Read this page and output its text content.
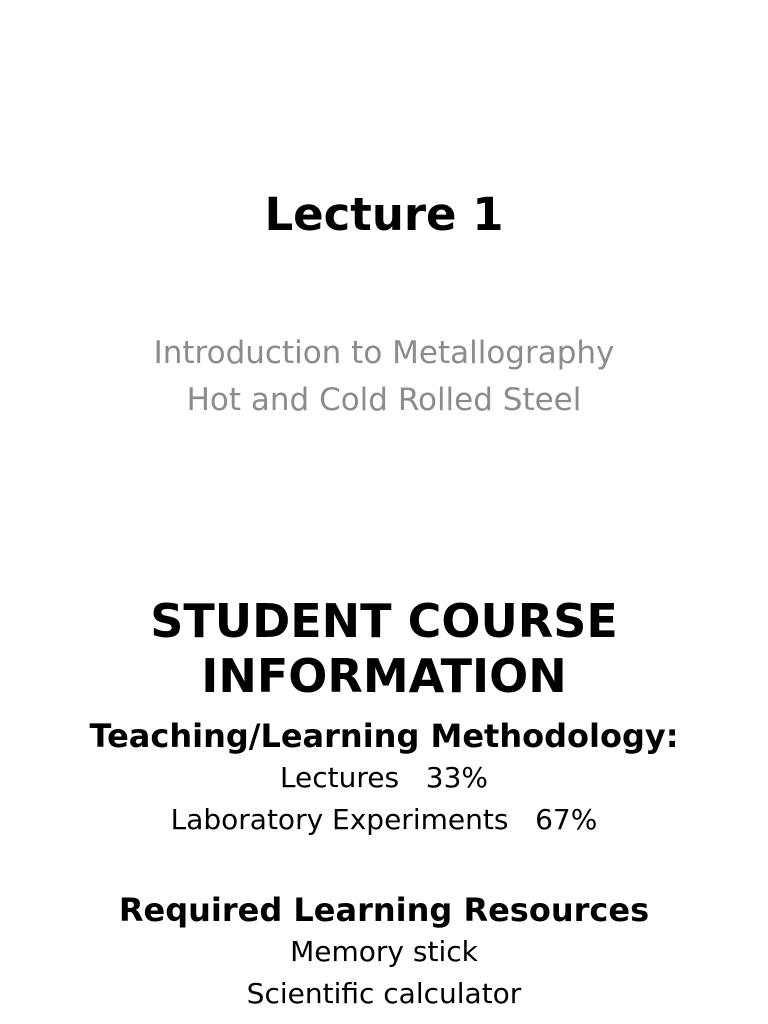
Lecture 1
Introduction to Metallography
Hot and Cold Rolled Steel
STUDENT COURSE
INFORMATION
Teaching/Learning Methodology:

Lectures   33%

Laboratory Experiments   67%

Required Learning Resources

Memory stick

Scientific calculator
